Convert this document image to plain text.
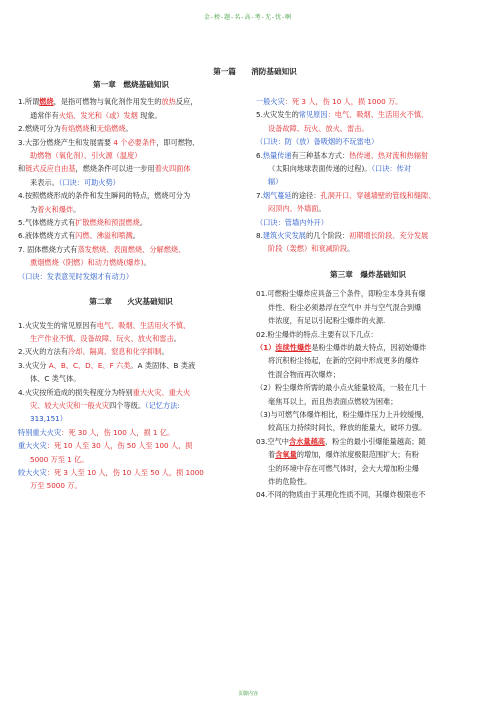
金-榜-题-名-高-考-无-忧-啊
第一篇　　消防基础知识

第一章　燃烧基础知识

1.所谓燃烧，是指可燃物与氧化剂作用发生的放热反应，

通常伴有火焰、发光和（或）发烟 现象。

2.燃烧可分为有焰燃烧和无焰燃烧。

3.大部分燃烧产生和发展需要 4 个必要条件，即可燃物、

助燃物（氧化剂）、引火源（温度）

和链式反应自由基，燃烧条件可以进一步用着火四面体

来表示。（口诀：可助火势）

4.按照燃烧形成的条件和发生瞬间的特点，燃烧可分为

为着火和爆炸。

5.气体燃烧方式有扩散燃烧和预混燃烧。

6.液体燃烧方式有闪燃、沸溢和喷溅。

7. 固体燃烧方式有蒸发燃烧、表面燃烧、分解燃烧、

熏烟燃烧（阴燃）和动力燃烧(爆炸)。

（口诀：发表意见时发烟才有动力）

第二章　　火灾基础知识

1.火灾发生的常见原因有电气、吸烟、生活用火不慎、

生产作业不慎、设备故障、玩火、放火和雷击。

2.灭火的方法有冷却、隔离、窒息和化学抑制。

3.火灾分 A、B、C、D、E、F 六类。A 类固体、B 类液

体、C 类气体。

4.火灾按所造成的损失程度分为特别重大火灾、重大火

灾、较大火灾和一般火灾四个等级。（记忆方法:

313,151）

特别重大火灾：死 30 人，伤 100 人，损 1 亿。

重大火灾：死 10 人至 30 人，伤 50 人至 100 人，损

5000 万至 1 亿。

较大火灾：死 3 人至 10 人，伤 10 人至 50 人，损 1000

万至 5000 万。

一般火灾：死 3 人，伤 10 人，损 1000 万。

5.火灾发生的常见原因：电气、吸烟、生活用火不慎、

设备故障、玩火、放火、雷击。

（口诀：防（放）备吸烟的不玩雷电）

6.热量传递有三种基本方式：热传递、热对流和热辐射

（太阳向地球表面传递的过程)。（口诀：传对

辐）

7.烟气蔓延的途径：孔洞开口、穿越墙壁的管线和缝隙、

闷顶内、外墙面。

（口诀：管墙内外开）

8.建筑火灾发展的几个阶段：初期增长阶段、充分发展

阶段（轰燃）和衰减阶段。

第三章　爆炸基础知识

01.可燃粉尘爆炸应具备三个条件，即粉尘本身具有爆

炸性、粉尘必须悬浮在空气中 并与空气混合到爆

炸浓度，有足以引起粉尘爆炸的火源.

02.粉尘爆炸的特点.主要有以下几点：

（1）连续性爆炸是粉尘爆炸的最大特点，因初始爆炸

将沉积粉尘扬起，在新的空间中形成更多的爆炸

性混合物而再次爆炸；

（2）粉尘爆炸所需的最小点火能量较高，一般在几十

毫焦耳以上，而且热表面点燃较为困难；

（3)与可燃气体爆炸相比，粉尘爆炸压力上升较缓慢，

较高压力持续时间长，释放的能量大，破坏力强。

03.空气中含水量越高，粉尘的最小引爆能量越高；随

着含氧量的增加，爆炸浓度极限范围扩大；有粉

尘的环境中存在可燃气体时，会大大增加粉尘爆

炸的危险性。

04.不同的物质由于其理化性质不同，其爆炸极限也不

页脚内容
